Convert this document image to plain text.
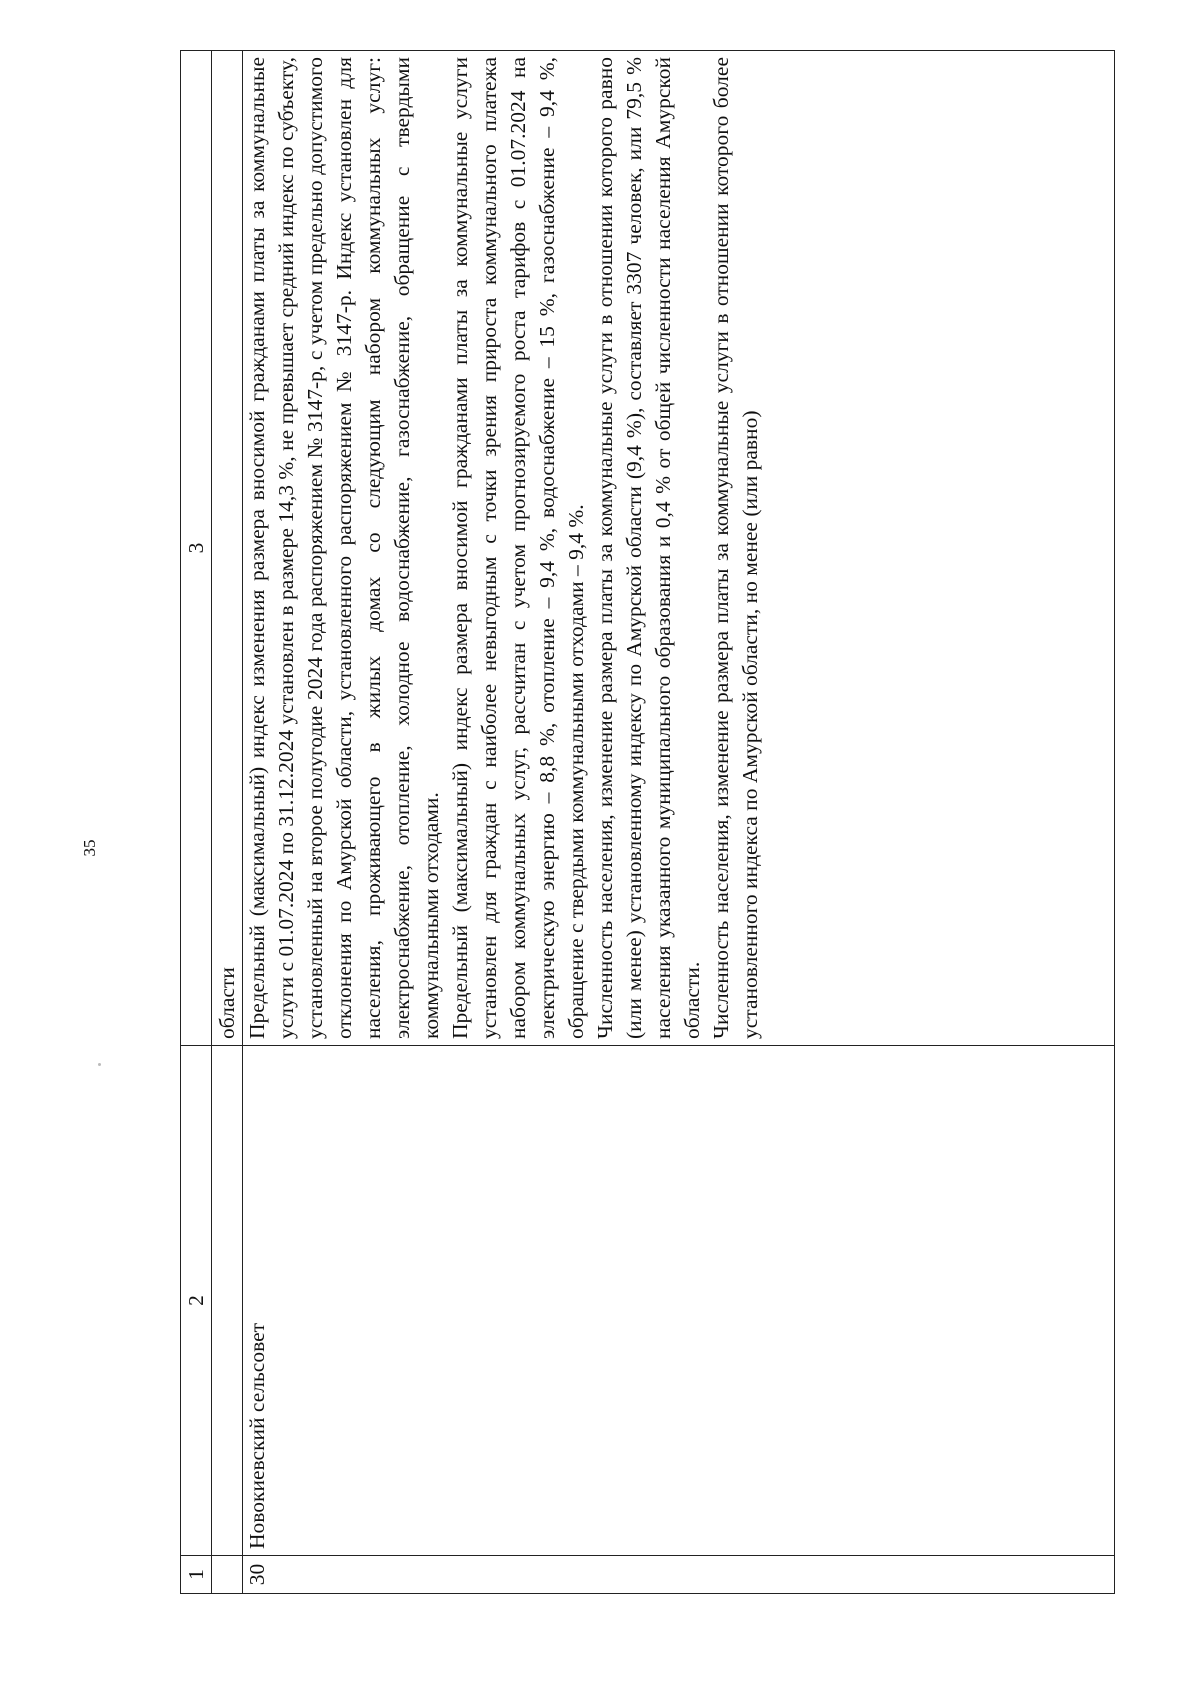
35
1	2	3
		области
30	Новокиевский сельсовет	Предельный (максимальный) индекс изменения размера вносимой гражданами платы за коммунальные услуги с 01.07.2024 по 31.12.2024 установлен в размере 14,3 %, не превышает средний индекс по субъекту, установленный на второе полугодие 2024 года распоряжением № 3147-р, с учетом предельно допустимого отклонения по Амурской области, установленного распоряжением № 3147-р. Индекс установлен для населения, проживающего в жилых домах со следующим набором коммунальных услуг: электроснабжение, отопление, холодное водоснабжение, газоснабжение, обращение с твердыми коммунальными отходами. Предельный (максимальный) индекс размера вносимой гражданами платы за коммунальные услуги установлен для граждан с наиболее невыгодным с точки зрения прироста коммунального платежа набором коммунальных услуг, рассчитан с учетом прогнозируемого роста тарифов с 01.07.2024 на электрическую энергию – 8,8 %, отопление – 9,4 %, водоснабжение – 15 %, газоснабжение – 9,4 %, обращение с твердыми коммунальными отходами – 9,4 %. Численность населения, изменение размера платы за коммунальные услуги в отношении которого равно (или менее) установленному индексу по Амурской области (9,4 %), составляет 3307 человек, или 79,5 % населения указанного муниципального образования и 0,4 % от общей численности населения Амурской области. Численность населения, изменение размера платы за коммунальные услуги в отношении которого более установленного индекса по Амурской области, но менее (или равно)
